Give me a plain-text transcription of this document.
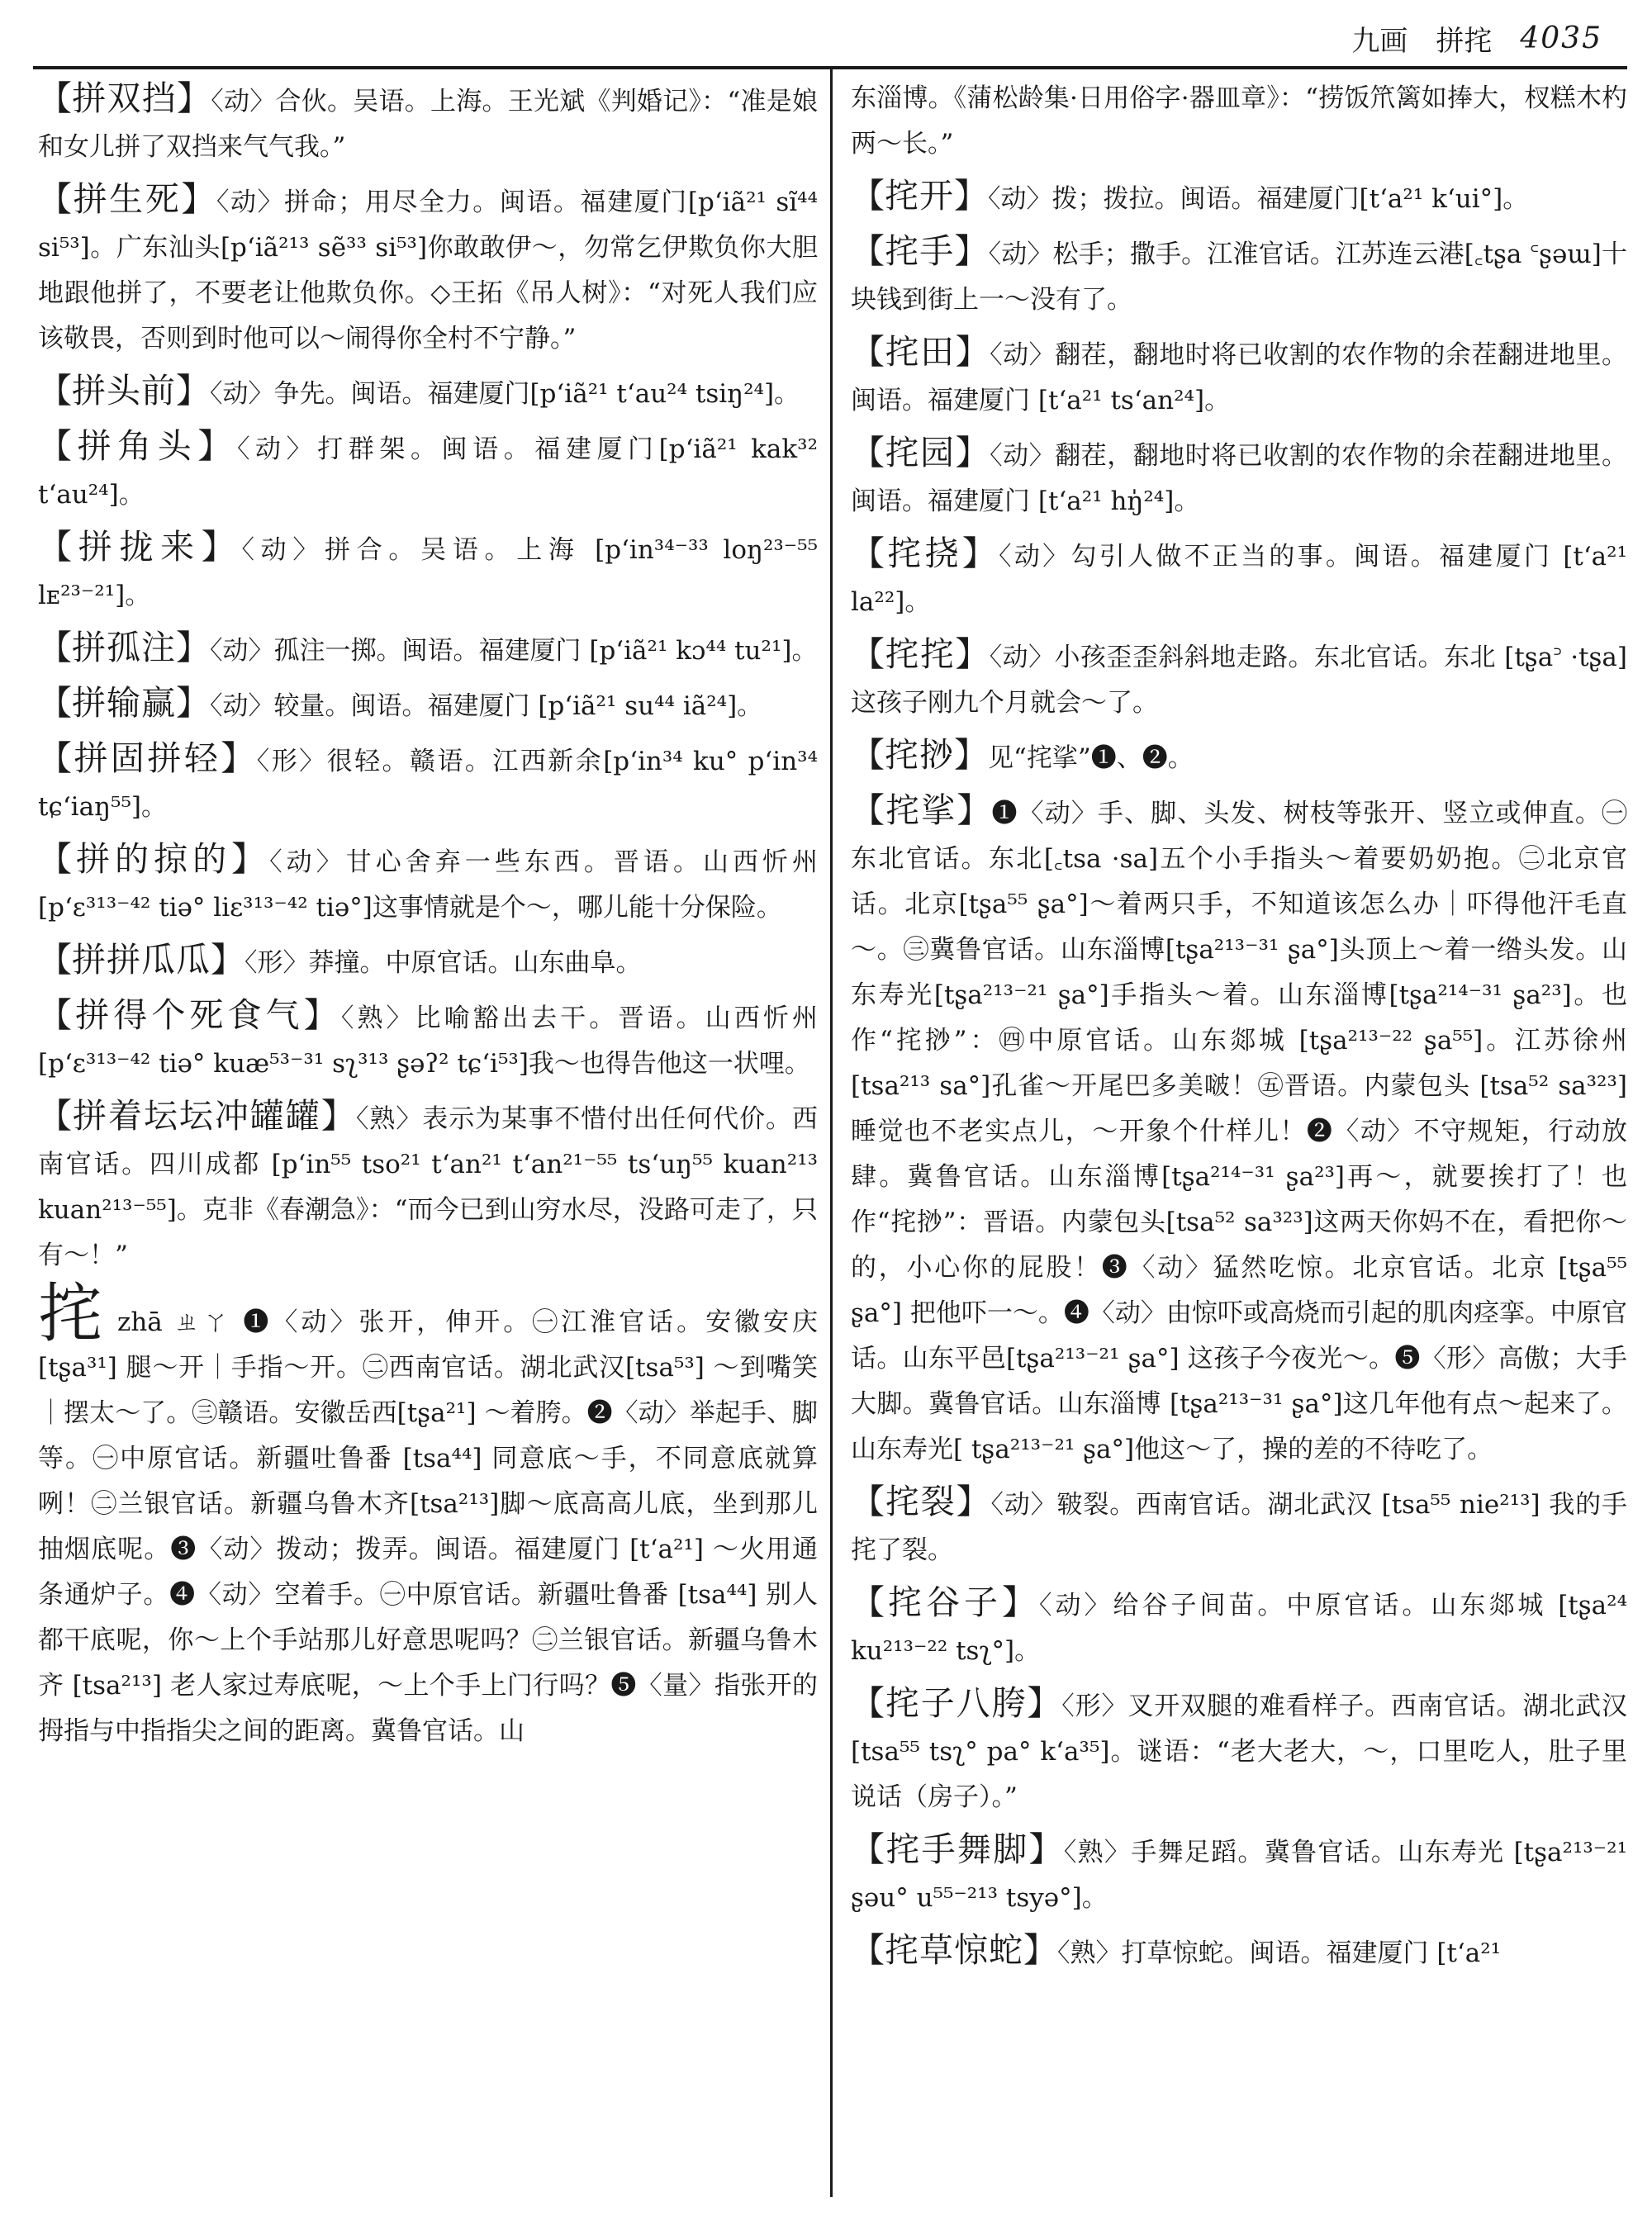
九画 拼挓 4035

【拼双挡】〈动〉合伙。吴语。上海。王光斌《判婚记》：“准是娘和女儿拼了双挡来气气我。”

【拼生死】〈动〉拼命；用尽全力。闽语。福建厦门[pʻiã²¹ sĩ⁴⁴ si⁵³]。广东汕头[pʻiã²¹³ sẽ³³ si⁵³]你敢敢伊～，勿常乞伊欺负你大胆地跟他拼了，不要老让他欺负你。◇王拓《吊人树》：“对死人我们应该敬畏，否则到时他可以～闹得你全村不宁静。”

【拼头前】〈动〉争先。闽语。福建厦门[pʻiã²¹ tʻau²⁴ tsiŋ²⁴]。

【拼角头】〈动〉打群架。闽语。福建厦门[pʻiã²¹ kak³² tʻau²⁴]。

【拼拢来】〈动〉拼合。吴语。上海 [pʻin³⁴⁻³³ loŋ²³⁻⁵⁵ lᴇ²³⁻²¹]。

【拼孤注】〈动〉孤注一掷。闽语。福建厦门 [pʻiã²¹ kɔ⁴⁴ tu²¹]。

【拼输赢】〈动〉较量。闽语。福建厦门 [pʻiã²¹ su⁴⁴ iã²⁴]。

【拼固拼轻】〈形〉很轻。赣语。江西新余[pʻin³⁴ ku° pʻin³⁴ tɕʻiaŋ⁵⁵]。

【拼的掠的】〈动〉甘心舍弃一些东西。晋语。山西忻州 [pʻɛ³¹³⁻⁴² tiə° liɛ³¹³⁻⁴² tiə°]这事情就是个～，哪儿能十分保险。

【拼拼瓜瓜】〈形〉莽撞。中原官话。山东曲阜。

【拼得个死食气】〈熟〉比喻豁出去干。晋语。山西忻州 [pʻɛ³¹³⁻⁴² tiə° kuæ⁵³⁻³¹ sʅ³¹³ ʂəʔ² tɕʻi⁵³]我～也得告他这一状哩。

【拼着坛坛冲罐罐】〈熟〉表示为某事不惜付出任何代价。西南官话。四川成都 [pʻin⁵⁵ tso²¹ tʻan²¹ tʻan²¹⁻⁵⁵ tsʻuŋ⁵⁵ kuan²¹³ kuan²¹³⁻⁵⁵]。克非《春潮急》：“而今已到山穷水尽，没路可走了，只有～！”

挓zhā ㄓㄚ ❶〈动〉张开，伸开。㊀江淮官话。安徽安庆[tʂa³¹] 腿～开｜手指～开。㊁西南官话。湖北武汉[tsa⁵³] ～到嘴笑｜摆太～了。㊂赣语。安徽岳西[tʂa²¹] ～着胯。❷〈动〉举起手、脚等。㊀中原官话。新疆吐鲁番 [tsa⁴⁴] 同意底～手，不同意底就算咧！㊁兰银官话。新疆乌鲁木齐[tsa²¹³]脚～底高高儿底，坐到那儿抽烟底呢。❸〈动〉拨动；拨弄。闽语。福建厦门 [tʻa²¹] ～火用通条通炉子。❹〈动〉空着手。㊀中原官话。新疆吐鲁番 [tsa⁴⁴] 别人都干底呢，你～上个手站那儿好意思呢吗？㊁兰银官话。新疆乌鲁木齐 [tsa²¹³] 老人家过寿底呢，～上个手上门行吗？❺〈量〉指张开的拇指与中指指尖之间的距离。冀鲁官话。山

东淄博。《蒲松龄集·日用俗字·器皿章》：“捞饭笊篱如捧大，杈糕木杓两～长。”

【挓开】〈动〉拨；拨拉。闽语。福建厦门[tʻa²¹ kʻui°]。

【挓手】〈动〉松手；撒手。江淮官话。江苏连云港[꜀tʂa ꜂ʂəɯ]十块钱到街上一～没有了。

【挓田】〈动〉翻茬，翻地时将已收割的农作物的余茬翻进地里。闽语。福建厦门 [tʻa²¹ tsʻan²⁴]。

【挓园】〈动〉翻茬，翻地时将已收割的农作物的余茬翻进地里。闽语。福建厦门 [tʻa²¹ hŋ̍²⁴]。

【挓挠】〈动〉勾引人做不正当的事。闽语。福建厦门 [tʻa²¹ la²²]。

【挓挓】〈动〉小孩歪歪斜斜地走路。东北官话。东北 [tʂa꜄ ·tʂa] 这孩子刚九个月就会～了。

【挓挱】见“挓挲”❶、❷。

【挓挲】❶〈动〉手、脚、头发、树枝等张开、竖立或伸直。㊀东北官话。东北[꜀tsa ·sa]五个小手指头～着要奶奶抱。㊁北京官话。北京[tʂa⁵⁵ ʂa°]～着两只手，不知道该怎么办｜吓得他汗毛直～。㊂冀鲁官话。山东淄博[tʂa²¹³⁻³¹ ʂa°]头顶上～着一绺头发。山东寿光[tʂa²¹³⁻²¹ ʂa°]手指头～着。山东淄博[tʂa²¹⁴⁻³¹ ʂa²³]。也作“挓挱”：㊃中原官话。山东郯城 [tʂa²¹³⁻²² ʂa⁵⁵]。江苏徐州[tsa²¹³ sa°]孔雀～开尾巴多美啵！㊄晋语。内蒙包头 [tsa⁵² sa³²³]睡觉也不老实点儿，～开象个什样儿！❷〈动〉不守规矩，行动放肆。冀鲁官话。山东淄博[tʂa²¹⁴⁻³¹ ʂa²³]再～，就要挨打了！也作“挓挱”：晋语。内蒙包头[tsa⁵² sa³²³]这两天你妈不在，看把你～的，小心你的屁股！❸〈动〉猛然吃惊。北京官话。北京 [tʂa⁵⁵ ʂa°] 把他吓一～。❹〈动〉由惊吓或高烧而引起的肌肉痉挛。中原官话。山东平邑[tʂa²¹³⁻²¹ ʂa°] 这孩子今夜光～。❺〈形〉高傲；大手大脚。冀鲁官话。山东淄博 [tʂa²¹³⁻³¹ ʂa°]这几年他有点～起来了。山东寿光[ tʂa²¹³⁻²¹ ʂa°]他这～了，操的差的不待吃了。

【挓裂】〈动〉皲裂。西南官话。湖北武汉 [tsa⁵⁵ nie²¹³] 我的手挓了裂。

【挓谷子】〈动〉给谷子间苗。中原官话。山东郯城 [tʂa²⁴ ku²¹³⁻²² tsʅ°]。

【挓子八胯】〈形〉叉开双腿的难看样子。西南官话。湖北武汉 [tsa⁵⁵ tsʅ° pa° kʻa³⁵]。谜语：“老大老大，～，口里吃人，肚子里说话（房子）。”

【挓手舞脚】〈熟〉手舞足蹈。冀鲁官话。山东寿光 [tʂa²¹³⁻²¹ ʂəu° u⁵⁵⁻²¹³ tsyə°]。

【挓草惊蛇】〈熟〉打草惊蛇。闽语。福建厦门 [tʻa²¹
